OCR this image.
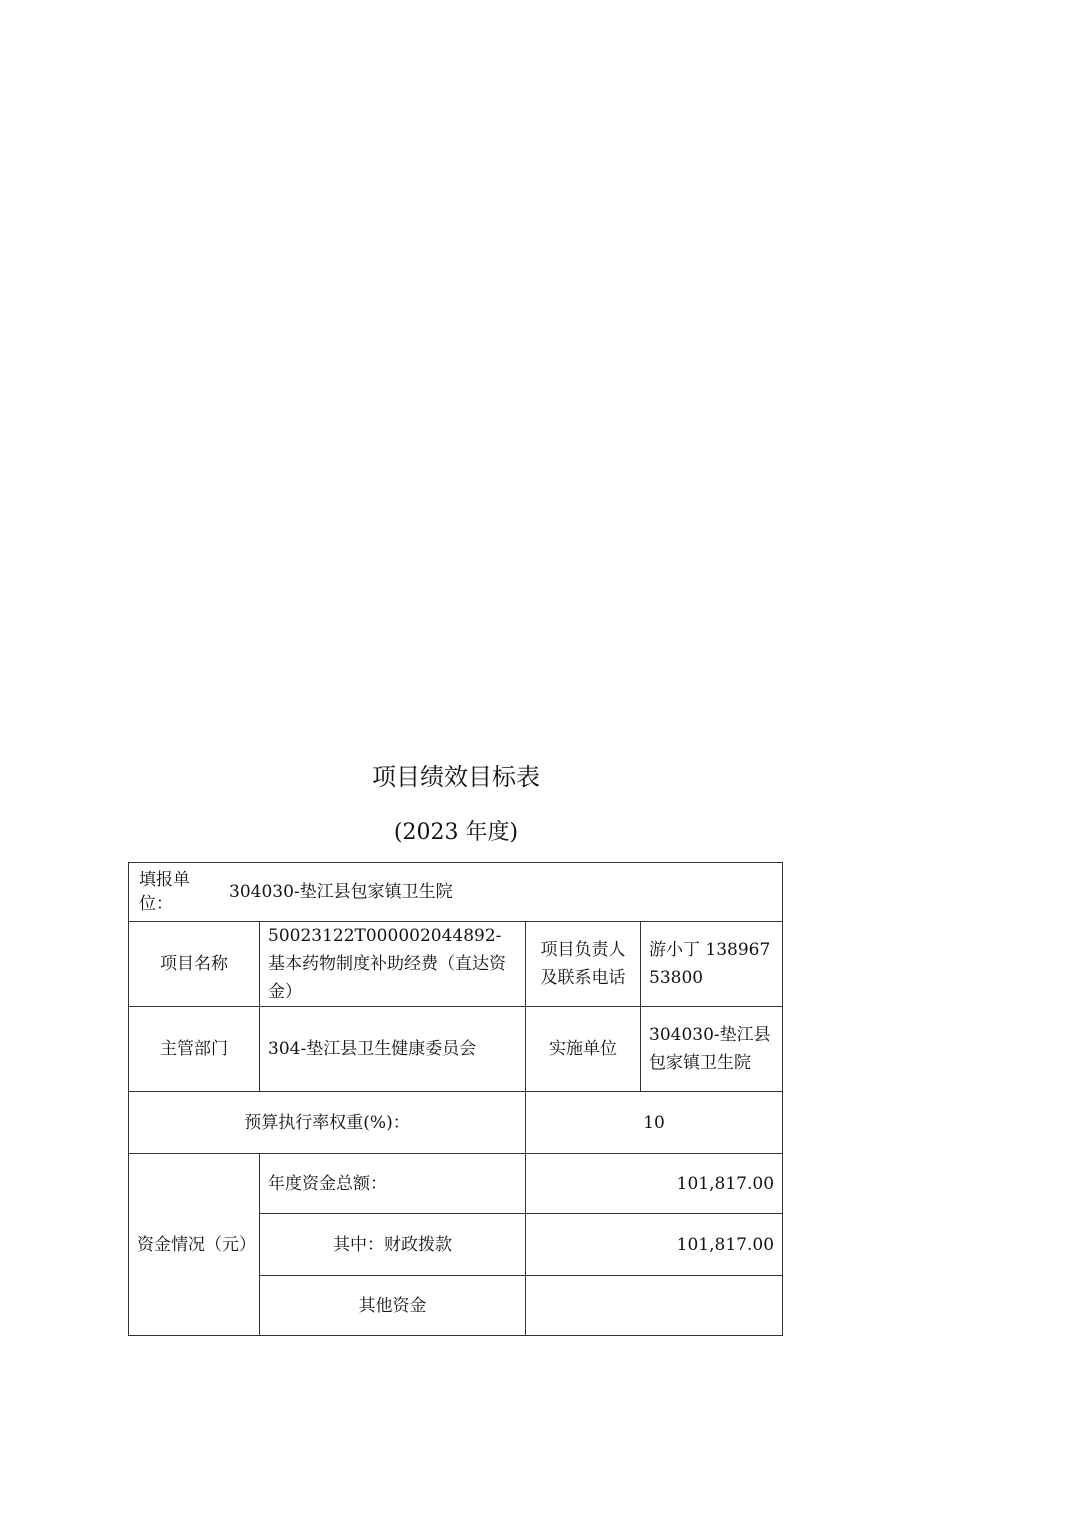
项目绩效目标表
(2023 年度)
填报单位：
304030-垫江县包家镇卫生院			

项目名称	50023122T000002044892-基本药物制度补助经费（直达资金）	项目负责人及联系电话	游小丁 13896753800
主管部门	304-垫江县卫生健康委员会	实施单位	304030-垫江县包家镇卫生院
预算执行率权重(%)：		10	
资金情况（元）	年度资金总额：	101,817.00	
	其中：财政拨款	101,817.00	
	其他资金		
